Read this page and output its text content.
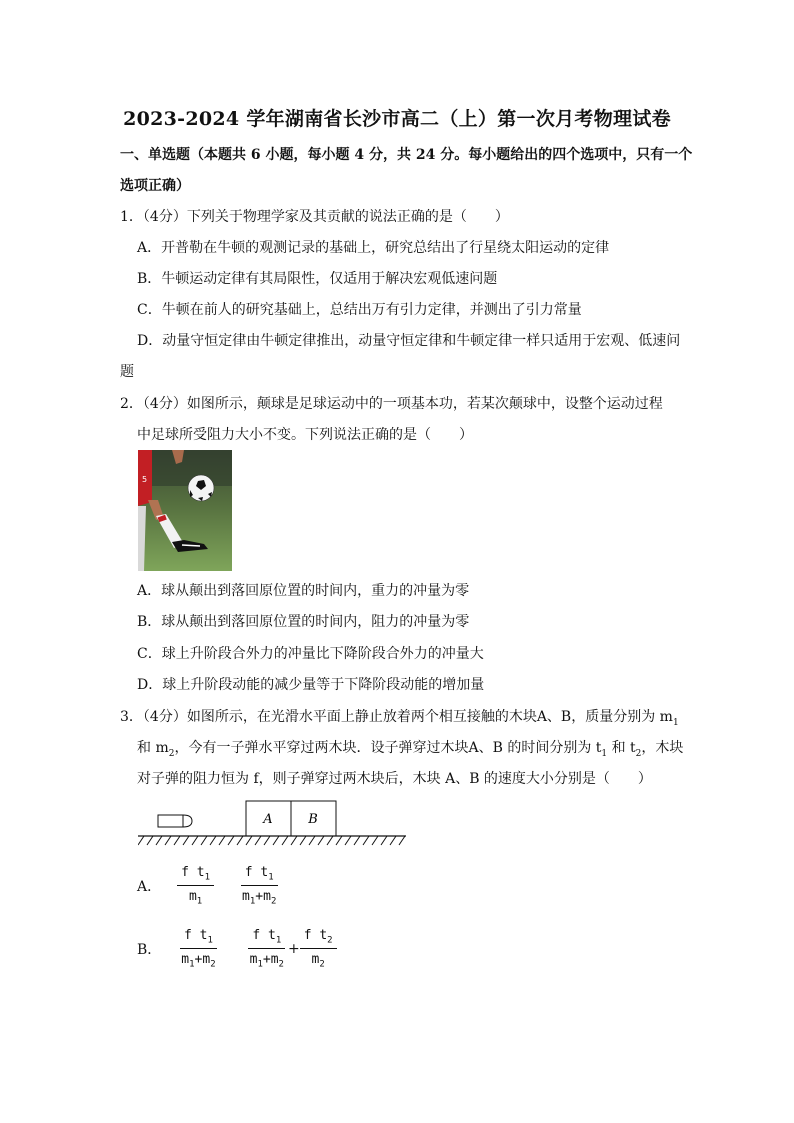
2023-2024 学年湖南省长沙市高二（上）第一次月考物理试卷
一、单选题（本题共 6 小题，每小题 4 分，共 24 分。每小题给出的四个选项中，只有一个
选项正确）
1．（4分）下列关于物理学家及其贡献的说法正确的是（　　）
A．开普勒在牛顿的观测记录的基础上，研究总结出了行星绕太阳运动的定律
B．牛顿运动定律有其局限性，仅适用于解决宏观低速问题
C．牛顿在前人的研究基础上，总结出万有引力定律，并测出了引力常量
D．动量守恒定律由牛顿定律推出，动量守恒定律和牛顿定律一样只适用于宏观、低速问
题
2．（4分）如图所示，颠球是足球运动中的一项基本功，若某次颠球中，设整个运动过程
中足球所受阻力大小不变。下列说法正确的是（　　）
5
A．球从颠出到落回原位置的时间内，重力的冲量为零
B．球从颠出到落回原位置的时间内，阻力的冲量为零
C．球上升阶段合外力的冲量比下降阶段合外力的冲量大
D．球上升阶段动能的减少量等于下降阶段动能的增加量
3．（4分）如图所示，在光滑水平面上静止放着两个相互接触的木块A、B，质量分别为 $m_1$
和 $m_2$，今有一子弹水平穿过两木块．设子弹穿过木块A、B 的时间分别为 $t_1$ 和 $t_2$，木块
对子弹的阻力恒为 f，则子弹穿过两木块后，木块 A、B 的速度大小分别是（　　）
A	B
A． $\frac{f t_1}{m_1} \frac{f t_1}{m_1+m_2}$
B． $\frac{f t_1}{m_1+m_2} \frac{f t_1}{m_1+m_2} + \frac{f t_2}{m_2}$
